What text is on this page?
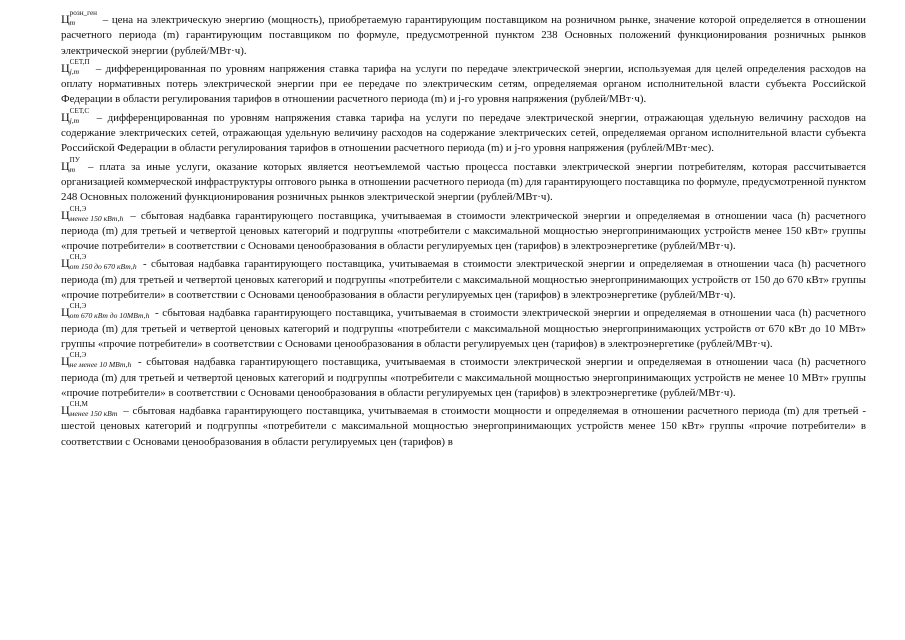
Ц розн_ген
m	– цена на электрическую энергию (мощность), приобретаемую гарантирующим поставщиком на розничном рынке, значение которой определяется в отношении расчетного периода (m) гарантирующим поставщиком по формуле, предусмотренной пунктом 238 Основных положений функционирования розничных рынков электрической энергии (рублей/МВт·ч).

Ц СЕТ,П
j,m	– дифференцированная по уровням напряжения ставка тарифа на услуги по передаче электрической энергии, используемая для целей определения расходов на оплату нормативных потерь электрической энергии при ее передаче по электрическим сетям, определяемая органом исполнительной власти субъекта Российской Федерации в области регулирования тарифов в отношении расчетного периода (m) и j-го уровня напряжения (рублей/МВт·ч).

Ц СЕТ,С
j,m	– дифференцированная по уровням напряжения ставка тарифа на услуги по передаче электрической энергии, отражающая удельную величину расходов на содержание электрических сетей, отражающая удельную величину расходов на содержание электрических сетей, определяемая органом исполнительной власти субъекта Российской Федерации в области регулирования тарифов в отношении расчетного периода (m) и j-го уровня напряжения (рублей/МВт·мес).

Ц ПУ
m – плата за иные услуги, оказание которых является неотъемлемой частью процесса поставки электрической энергии потребителям, которая рассчитывается организацией коммерческой инфраструктуры оптового рынка в отношении расчетного периода (m) для гарантирующего поставщика по формуле, предусмотренной пунктом 248 Основных положений функционирования розничных рынков электрической энергии (рублей/МВт·ч).

Ц СН,Э
менее 150 кВт,h – сбытовая надбавка гарантирующего поставщика, учитываемая в стоимости электрической энергии и определяемая в отношении часа (h) расчетного периода (m) для третьей и четвертой ценовых категорий и подгруппы «потребители с максимальной мощностью энергопринимающих устройств менее 150 кВт» группы «прочие потребители» в соответствии с Основами ценообразования в области регулируемых цен (тарифов) в электроэнергетике (рублей/МВт·ч).

Ц СН,Э
от 150 до 670 кВт,h - сбытовая надбавка гарантирующего поставщика, учитываемая в стоимости электрической энергии и определяемая в отношении часа (h) расчетного периода (m) для третьей и четвертой ценовых категорий и подгруппы «потребители с максимальной мощностью энергопринимающих устройств от 150 до 670 кВт» группы «прочие потребители» в соответствии с Основами ценообразования в области регулируемых цен (тарифов) в электроэнергетике (рублей/МВт·ч).

Ц СН,Э
от 670 кВт до 10МВт,h - сбытовая надбавка гарантирующего поставщика, учитываемая в стоимости электрической энергии и определяемая в отношении часа (h) расчетного периода (m) для третьей и четвертой ценовых категорий и подгруппы «потребители с максимальной мощностью энергопринимающих устройств от 670 кВт до 10 МВт» группы «прочие потребители» в соответствии с Основами ценообразования в области регулируемых цен (тарифов) в электроэнергетике (рублей/МВт·ч).

Ц СН,Э
не менее 10 МВт,h - сбытовая надбавка гарантирующего поставщика, учитываемая в стоимости электрической энергии и определяемая в отношении часа (h) расчетного периода (m) для третьей и четвертой ценовых категорий и подгруппы «потребители с максимальной мощностью энергопринимающих устройств не менее 10 МВт» группы «прочие потребители» в соответствии с Основами ценообразования в области регулируемых цен (тарифов) в электроэнергетике (рублей/МВт·ч).

Ц СН,М
менее 150 кВт – сбытовая надбавка гарантирующего поставщика, учитываемая в стоимости мощности и определяемая в отношении расчетного периода (m) для третьей - шестой ценовых категорий и подгруппы «потребители с максимальной мощностью энергопринимающих устройств менее 150 кВт» группы «прочие потребители» в соответствии с Основами ценообразования в области регулируемых цен (тарифов) в
